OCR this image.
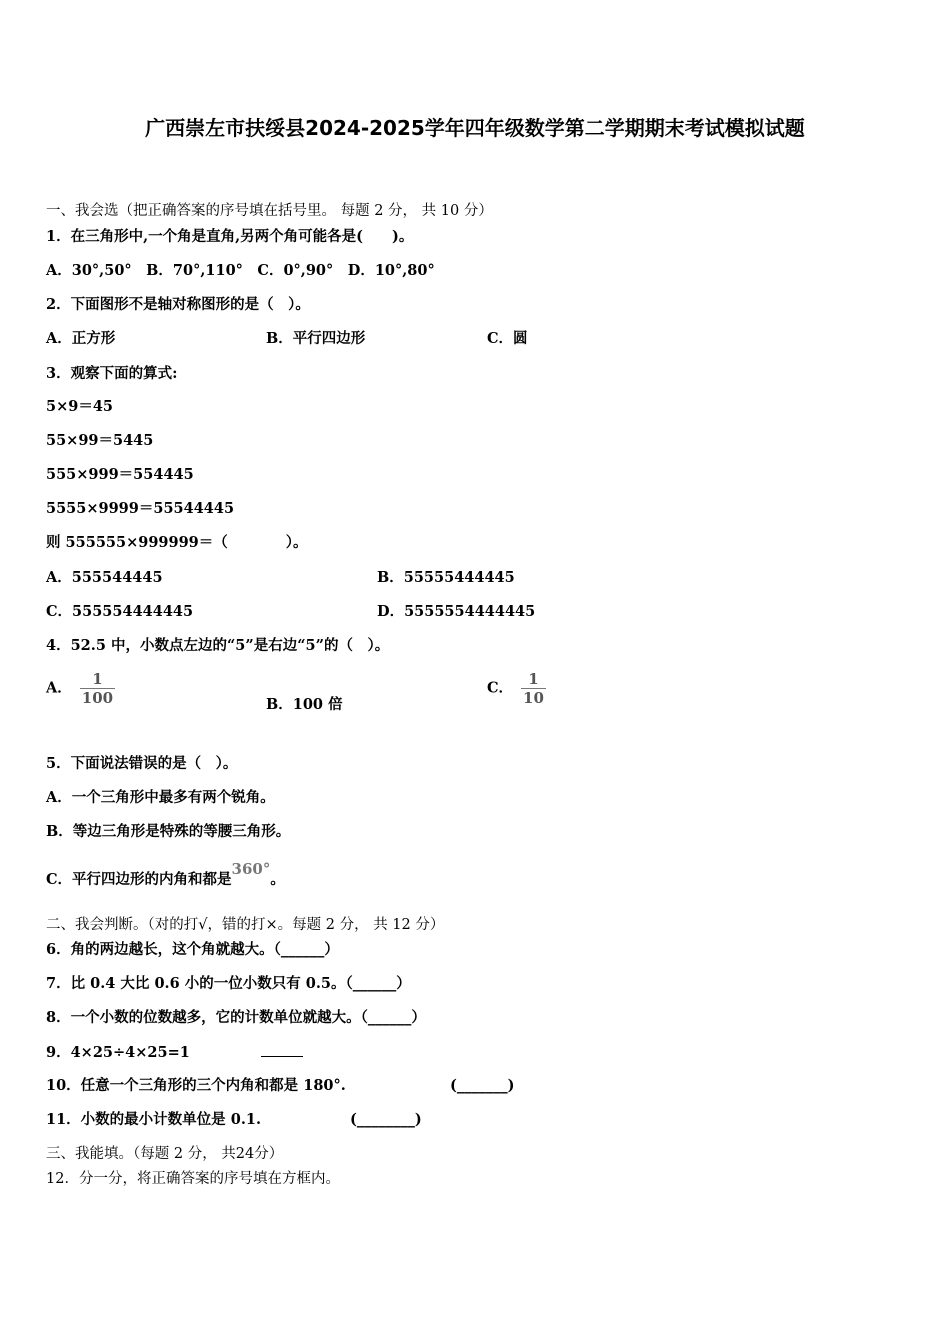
广西崇左市扶绥县2024-2025学年四年级数学第二学期期末考试模拟试题
一、我会选（把正确答案的序号填在括号里。 每题 2 分， 共 10 分）
1．在三角形中,一个角是直角,另两个角可能各是(　　)。
A．30°,50°　B．70°,110°　C．0°,90°　D．10°,80°
2．下面图形不是轴对称图形的是（　）。
A．正方形	B．平行四边形	C．圆
3．观察下面的算式:
5×9＝45
55×99＝5445
555×999＝554445
5555×9999＝55544445
则 555555×999999＝（　　　　）。
A．555544445	B．55555444445
C．555554444445	D．5555554444445
4．52.5 中，小数点左边的“5”是右边“5”的（　）。
A． $\frac{1}{100}$	B．100 倍
C． $\frac{1}{10}$
5．下面说法错误的是（　）。
A．一个三角形中最多有两个锐角。
B．等边三角形是特殊的等腰三角形。
C．平行四边形的内角和都是360°。
二、我会判断。（对的打√，错的打×。每题 2 分， 共 12 分）
6．角的两边越长，这个角就越大。（______）
7．比 0.4 大比 0.6 小的一位小数只有 0.5。（______）
8．一个小数的位数越多，它的计数单位就越大。（______）
9．4×25÷4×25=1
10．任意一个三角形的三个内角和都是 180°.	(_______)
11．小数的最小计数单位是 0.1.	(________)
三、我能填。（每题 2 分， 共24分）
12．分一分，将正确答案的序号填在方框内。
